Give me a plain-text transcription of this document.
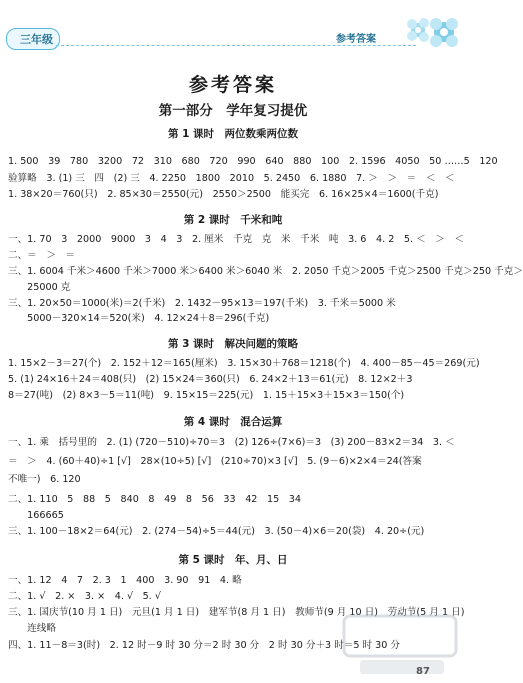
三年级	参考答案
参考答案
第一部分　学年复习提优
第 1 课时　两位数乘两位数
1. 500　39　780　3200　72　310　680　720　990　640　880　100　2. 1596　4050　50 ……5　120
验算略　3. (1) 三　四　(2) 三　4. 2250　1800　2010　5. 2450　6. 1880　7. ＞　＞　＝　＜　＜
1. 38×20＝760(只)　2. 85×30＝2550(元)　2550＞2500　能买完　6. 16×25×4＝1600(千克)
第 2 课时　千米和吨
一、1. 70　3　2000　9000　3　4　3　2. 厘米　千克　克　米　千米　吨　3. 6　4. 2　5. ＜　＞　＜
二、＝　＞　＝
三、1. 6004 千米＞4600 千米＞7000 米＞6400 米＞6040 米　2. 2050 千克＞2005 千克＞2500 千克＞250 千克＞
　　25000 克
三、1. 20×50＝1000(米)＝2(千米)　2. 1432－95×13＝197(千米)　3. 千米＝5000 米
　　5000－320×14＝520(米)　4. 12×24＋8＝296(千克)
第 3 课时　解决问题的策略
1. 15×2－3＝27(个)　2. 152＋12＝165(厘米)　3. 15×30＋768＝1218(个)　4. 400－85－45＝269(元)
5. (1) 24×16＋24＝408(只)　(2) 15×24＝360(只)　6. 24×2＋13＝61(元)　8. 12×2＋3
8＝27(吨)　(2) 8×3－5＝11(吨)　9. 15×15＝225(元)　1. 15＋15×3＋15×3＝150(个)
第 4 课时　混合运算
一、1. 乘　括号里的　2. (1) (720－510)÷70＝3　(2) 126÷(7×6)＝3　(3) 200－83×2＝34　3. ＜
＝　＞　4. (60＋40)÷1 [√]　28×(10÷5) [√]　(210÷70)×3 [√]　5. (9－6)×2×4＝24(答案
不唯一)　6. 120
二、1. 110　5　88　5　840　8　49　8　56　33　42　15　34
　　166665
三、1. 100－18×2＝64(元)　2. (274－54)÷5＝44(元)　3. (50－4)×6＝20(袋)　4. 20÷(元)
第 5 课时　年、月、日
一、1. 12　4　7　2. 3　1　400　3. 90　91　4. 略
二、1. √　2. ×　3. ×　4. √　5. √
三、1. 国庆节(10 月 1 日)　元旦(1 月 1 日)　建军节(8 月 1 日)　教师节(9 月 10 日)　劳动节(5 月 1 日)
　　连线略
四、1. 11－8＝3(时)　2. 12 时－9 时 30 分＝2 时 30 分　2 时 30 分＋3 时＝5 时 30 分
87
